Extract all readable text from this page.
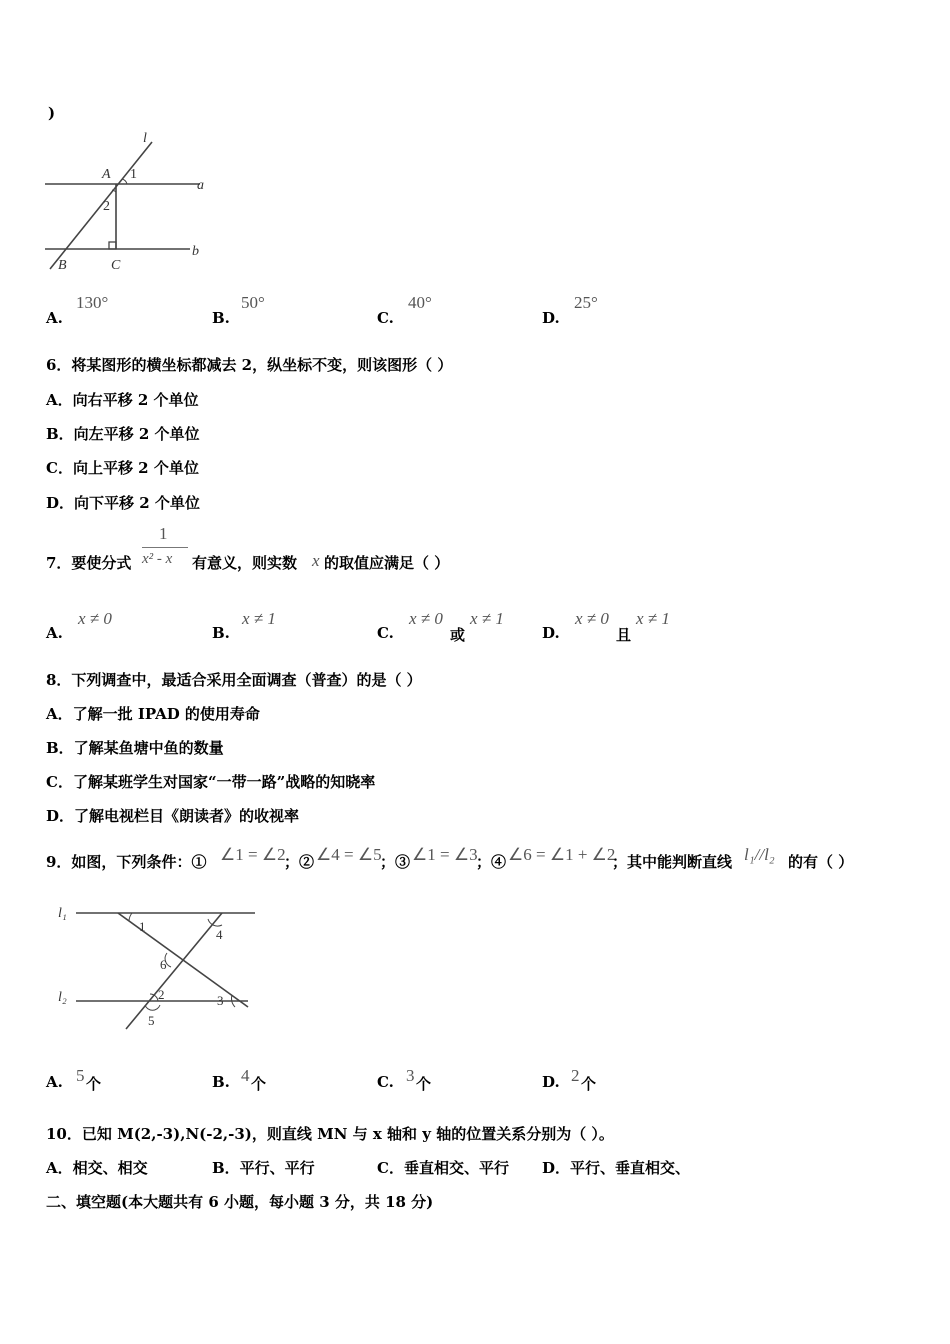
)
l
A 1
2
a
b
B	C
A.
130°
B.
50°
C.
40°
D.
25°
6．将某图形的横坐标都减去 2，纵坐标不变，则该图形（ ）
A．向右平移 2 个单位
B．向左平移 2 个单位
C．向上平移 2 个单位
D．向下平移 2 个单位
7．要使分式
1
x² - x 有意义，则实数 x 的取值应满足（ ）
A.
x ≠ 0
B.
x ≠ 1
C.
x ≠ 0
或
x ≠ 1
D.
x ≠ 0
且
x ≠ 1
8．下列调查中，最适合采用全面调查（普查）的是（ ）
A．了解一批 IPAD 的使用寿命
B．了解某鱼塘中鱼的数量
C．了解某班学生对国家“一带一路”战略的知晓率
D．了解电视栏目《朗读者》的收视率
9．如图，下列条件：① ∠1 = ∠2
；② ∠4 = ∠5
；③ ∠1 = ∠3
；④ ∠6 = ∠1 + ∠2
；其中能判断直线 l₁//l₂ 的有（ ）
l₁
l₂
1
4
6
2	3
5
A. 5 个	B. 4 个	C. 3 个	D. 2 个
10．已知 M(2,-3),N(-2,-3)，则直线 MN 与 x 轴和 y 轴的位置关系分别为（ ）。
A．相交、相交	B．平行、平行	C．垂直相交、平行 D．平行、垂直相交、
二、填空题(本大题共有 6 小题，每小题 3 分，共 18 分)
